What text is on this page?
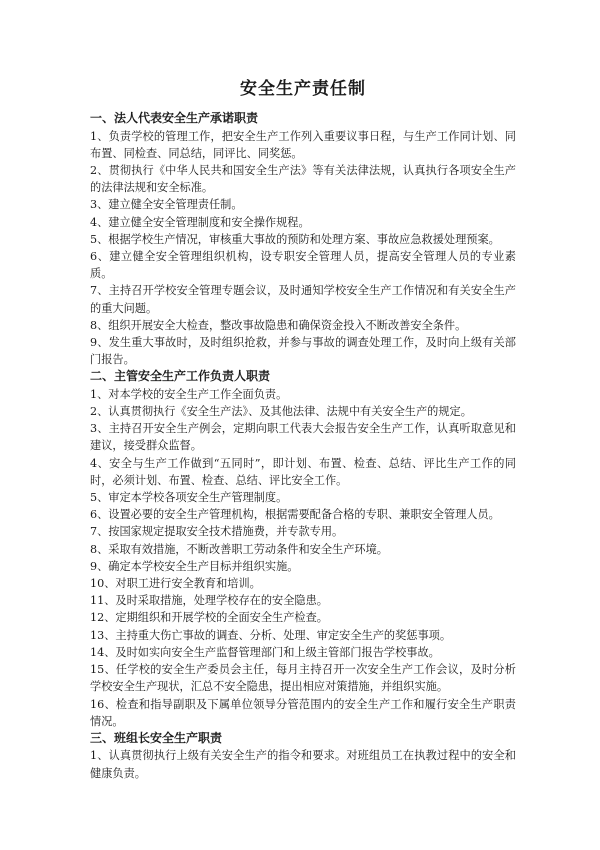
安全生产责任制

一、法人代表安全生产承诺职责

1、负责学校的管理工作，把安全生产工作列入重要议事日程，与生产工作同计划、同布置、同检查、同总结，同评比、同奖惩。

2、贯彻执行《中华人民共和国安全生产法》等有关法律法规，认真执行各项安全生产的法律法规和安全标准。

3、建立健全安全管理责任制。

4、建立健全安全管理制度和安全操作规程。

5、根据学校生产情况，审核重大事故的预防和处理方案、事故应急救援处理预案。

6、建立健全安全管理组织机构，设专职安全管理人员，提高安全管理人员的专业素质。

7、主持召开学校安全管理专题会议，及时通知学校安全生产工作情况和有关安全生产的重大问题。

8、组织开展安全大检查，整改事故隐患和确保资金投入不断改善安全条件。

9、发生重大事故时，及时组织抢救，并参与事故的调查处理工作，及时向上级有关部门报告。

二、主管安全生产工作负责人职责

1、对本学校的安全生产工作全面负责。

2、认真贯彻执行《安全生产法》、及其他法律、法规中有关安全生产的规定。

3、主持召开安全生产例会，定期向职工代表大会报告安全生产工作，认真听取意见和建议，接受群众监督。

4、安全与生产工作做到“五同时”，即计划、布置、检查、总结、评比生产工作的同时，必须计划、布置、检查、总结、评比安全工作。

5、审定本学校各项安全生产管理制度。

6、设置必要的安全生产管理机构，根据需要配备合格的专职、兼职安全管理人员。

7、按国家规定提取安全技术措施费，并专款专用。

8、采取有效措施，不断改善职工劳动条件和安全生产环境。

9、确定本学校安全生产目标并组织实施。

10、对职工进行安全教育和培训。

11、及时采取措施，处理学校存在的安全隐患。

12、定期组织和开展学校的全面安全生产检查。

13、主持重大伤亡事故的调查、分析、处理、审定安全生产的奖惩事项。

14、及时如实向安全生产监督管理部门和上级主管部门报告学校事故。

15、任学校的安全生产委员会主任，每月主持召开一次安全生产工作会议，及时分析学校安全生产现状，汇总不安全隐患，提出相应对策措施，并组织实施。

16、检查和指导副职及下属单位领导分管范围内的安全生产工作和履行安全生产职责情况。

三、班组长安全生产职责

1、认真贯彻执行上级有关安全生产的指令和要求。对班组员工在执教过程中的安全和健康负责。
